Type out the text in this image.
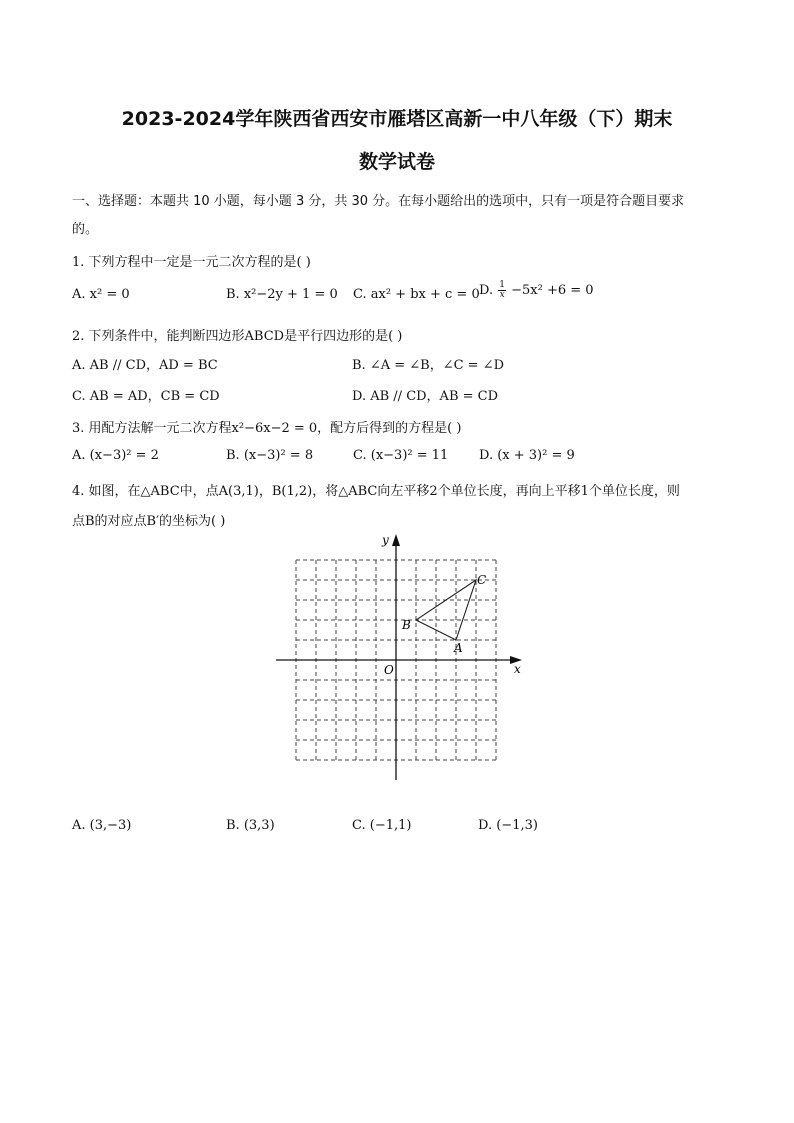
2023-2024学年陕西省西安市雁塔区高新一中八年级（下）期末
数学试卷
一、选择题：本题共 10 小题，每小题 3 分，共 30 分。在每小题给出的选项中，只有一项是符合题目要求
的。
1. 下列方程中一定是一元二次方程的是( )
A. x² = 0	B. x²−2y + 1 = 0 C. ax² + bx + c = 0 D. $\frac{1}{x} -5x^2 +6 = 0$
2. 下列条件中，能判断四边形ABCD是平行四边形的是( )
A. AB // CD，AD = BC	B. ∠A = ∠B，∠C = ∠D
C. AB = AD，CB = CD	D. AB // CD，AB = CD
3. 用配方法解一元二次方程x²−6x−2 = 0，配方后得到的方程是( )
A. (x−3)² = 2	B. (x−3)² = 8	C. (x−3)² = 11 D. (x + 3)² = 9
4. 如图，在△ABC中，点A(3,1)，B(1,2)，将△ABC向左平移2个单位长度，再向上平移1个单位长度，则
点B的对应点B′的坐标为( )
x
y
O
A
B
C
A. (3,−3)	B. (3,3)	C. (−1,1)	D. (−1,3)
